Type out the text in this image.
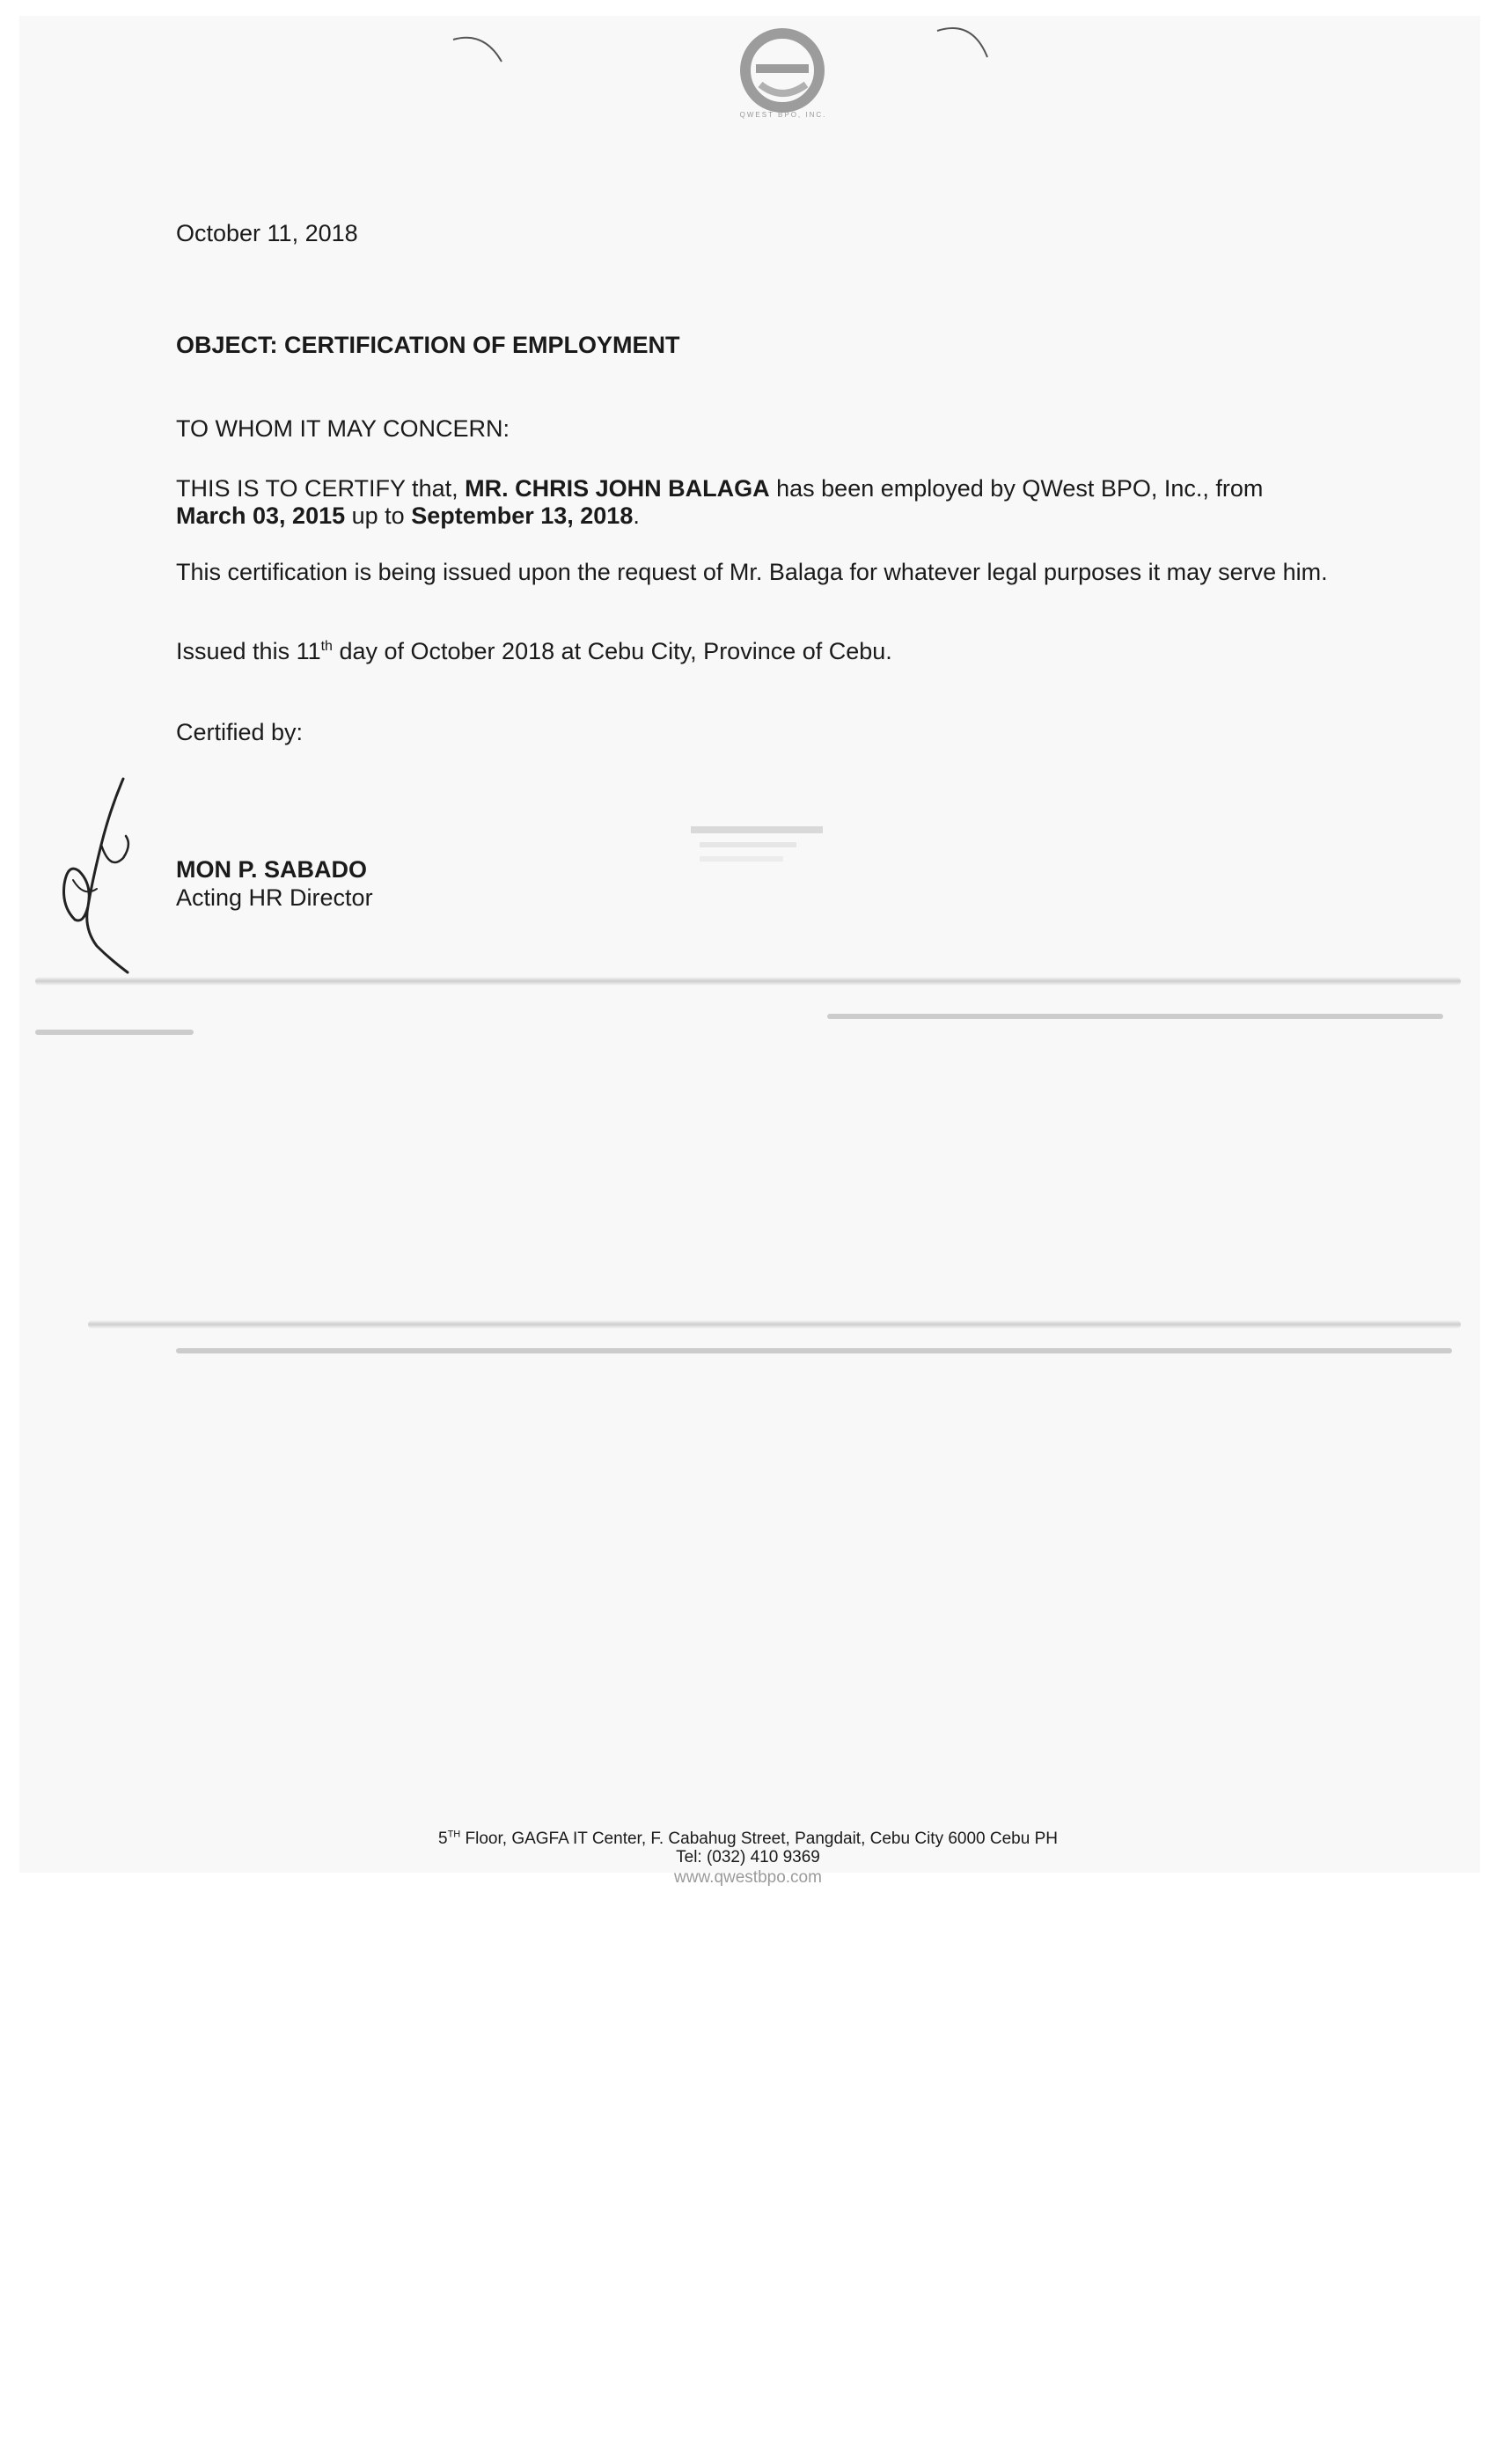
QWEST BPO, INC.
October 11, 2018
OBJECT: CERTIFICATION OF EMPLOYMENT
TO WHOM IT MAY CONCERN:
THIS IS TO CERTIFY that, MR. CHRIS JOHN BALAGA has been employed by QWest BPO, Inc., from March 03, 2015 up to September 13, 2018.
This certification is being issued upon the request of Mr. Balaga for whatever legal purposes it may serve him.
Issued this 11th day of October 2018 at Cebu City, Province of Cebu.
Certified by:
MON P. SABADO
Acting HR Director
5TH Floor, GAGFA IT Center, F. Cabahug Street, Pangdait, Cebu City 6000 Cebu PH
Tel: (032) 410 9369
www.qwestbpo.com
